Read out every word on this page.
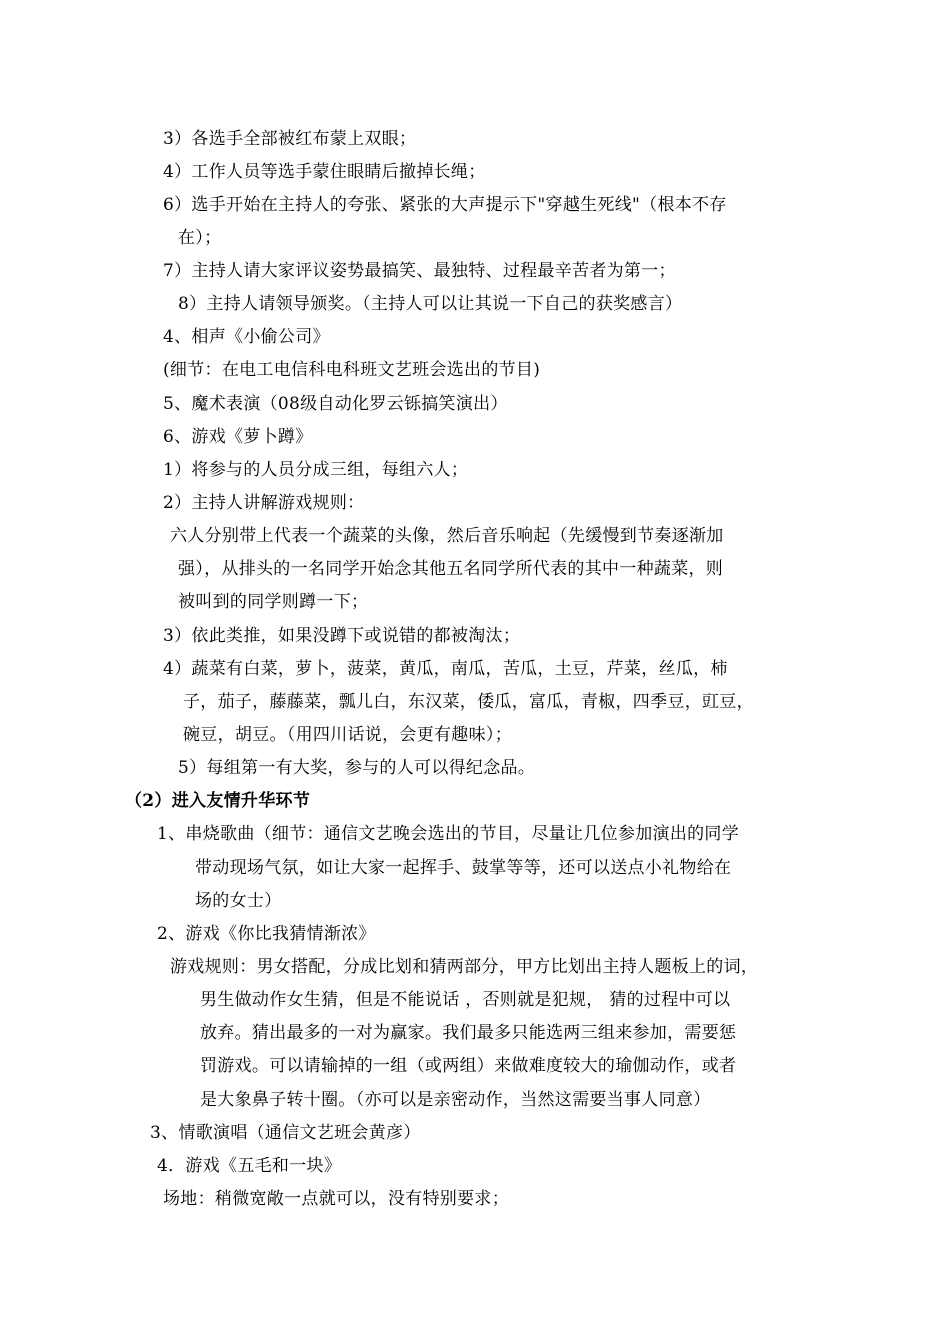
3）各选手全部被红布蒙上双眼；
4）工作人员等选手蒙住眼睛后撤掉长绳；
6）选手开始在主持人的夸张、紧张的大声提示下"穿越生死线"（根本不存
在）；
7）主持人请大家评议姿势最搞笑、最独特、过程最辛苦者为第一；
8）主持人请领导颁奖。（主持人可以让其说一下自己的获奖感言）
4、相声《小偷公司》
(细节：在电工电信科电科班文艺班会选出的节目)
5、魔术表演（08级自动化罗云铄搞笑演出）
6、游戏《萝卜蹲》
1）将参与的人员分成三组，每组六人；
2）主持人讲解游戏规则：
六人分别带上代表一个蔬菜的头像，然后音乐响起（先缓慢到节奏逐渐加
强），从排头的一名同学开始念其他五名同学所代表的其中一种蔬菜，则
被叫到的同学则蹲一下；
3）依此类推，如果没蹲下或说错的都被淘汰；
4）蔬菜有白菜，萝卜，菠菜，黄瓜，南瓜，苦瓜，土豆，芹菜，丝瓜，柿
子，茄子，藤藤菜，瓢儿白，东汉菜，倭瓜，富瓜，青椒，四季豆，豇豆，
碗豆，胡豆。（用四川话说，会更有趣味）；
5）每组第一有大奖，参与的人可以得纪念品。
（2）进入友情升华环节
1、串烧歌曲（细节：通信文艺晚会选出的节目，尽量让几位参加演出的同学
带动现场气氛，如让大家一起挥手、鼓掌等等，还可以送点小礼物给在
场的女士）
2、游戏《你比我猜情渐浓》
游戏规则：男女搭配，分成比划和猜两部分，甲方比划出主持人题板上的词，
男生做动作女生猜，但是不能说话 ，否则就是犯规， 猜的过程中可以
放弃。猜出最多的一对为赢家。我们最多只能选两三组来参加，需要惩
罚游戏。可以请输掉的一组（或两组）来做难度较大的瑜伽动作，或者
是大象鼻子转十圈。（亦可以是亲密动作，当然这需要当事人同意）
3、情歌演唱（通信文艺班会黄彦）
4．游戏《五毛和一块》
场地：稍微宽敞一点就可以，没有特别要求；
